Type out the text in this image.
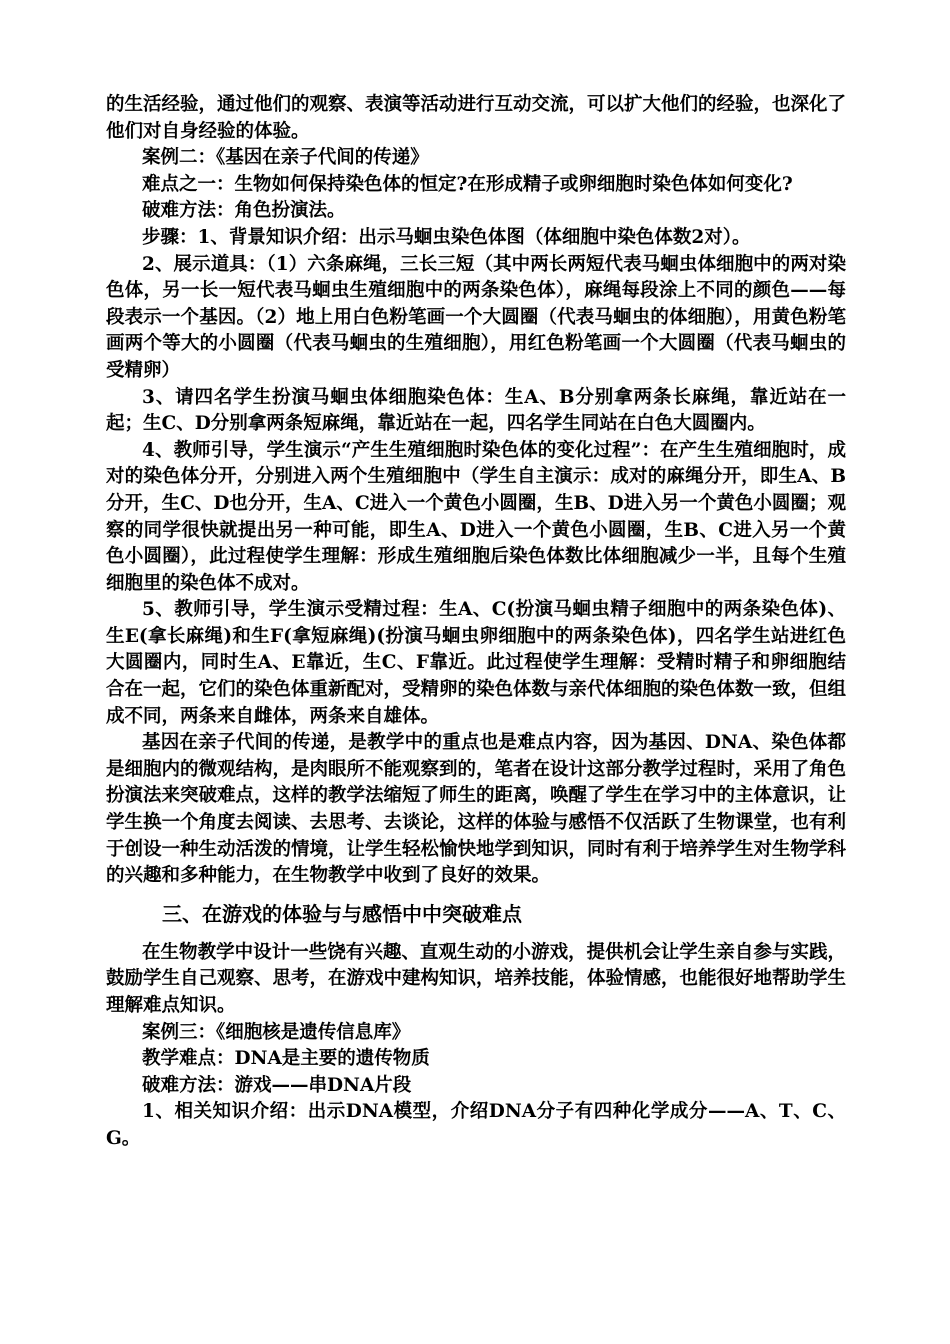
的生活经验，通过他们的观察、表演等活动进行互动交流，可以扩大他们的经验，也深化了他们对自身经验的体验。

案例二：《基因在亲子代间的传递》

难点之一：生物如何保持染色体的恒定?在形成精子或卵细胞时染色体如何变化?

破难方法：角色扮演法。

步骤：1、背景知识介绍：出示马蛔虫染色体图（体细胞中染色体数2对）。

2、展示道具：（1）六条麻绳，三长三短（其中两长两短代表马蛔虫体细胞中的两对染色体，另一长一短代表马蛔虫生殖细胞中的两条染色体），麻绳每段涂上不同的颜色——每段表示一个基因。（2）地上用白色粉笔画一个大圆圈（代表马蛔虫的体细胞），用黄色粉笔画两个等大的小圆圈（代表马蛔虫的生殖细胞），用红色粉笔画一个大圆圈（代表马蛔虫的受精卵）

3、请四名学生扮演马蛔虫体细胞染色体：生A、B分别拿两条长麻绳，靠近站在一起；生C、D分别拿两条短麻绳，靠近站在一起，四名学生同站在白色大圆圈内。

4、教师引导，学生演示“产生生殖细胞时染色体的变化过程”：在产生生殖细胞时，成对的染色体分开，分别进入两个生殖细胞中（学生自主演示：成对的麻绳分开，即生A、B分开，生C、D也分开，生A、C进入一个黄色小圆圈，生B、D进入另一个黄色小圆圈；观察的同学很快就提出另一种可能，即生A、D进入一个黄色小圆圈，生B、C进入另一个黄色小圆圈），此过程使学生理解：形成生殖细胞后染色体数比体细胞减少一半，且每个生殖细胞里的染色体不成对。

5、教师引导，学生演示受精过程：生A、C(扮演马蛔虫精子细胞中的两条染色体)、生E(拿长麻绳)和生F(拿短麻绳)(扮演马蛔虫卵细胞中的两条染色体)，四名学生站进红色大圆圈内，同时生A、E靠近，生C、F靠近。此过程使学生理解：受精时精子和卵细胞结合在一起，它们的染色体重新配对，受精卵的染色体数与亲代体细胞的染色体数一致，但组成不同，两条来自雌体，两条来自雄体。

基因在亲子代间的传递，是教学中的重点也是难点内容，因为基因、DNA、染色体都是细胞内的微观结构，是肉眼所不能观察到的，笔者在设计这部分教学过程时，采用了角色扮演法来突破难点，这样的教学法缩短了师生的距离，唤醒了学生在学习中的主体意识，让学生换一个角度去阅读、去思考、去谈论，这样的体验与感悟不仅活跃了生物课堂，也有利于创设一种生动活泼的情境，让学生轻松愉快地学到知识，同时有利于培养学生对生物学科的兴趣和多种能力，在生物教学中收到了良好的效果。

三、在游戏的体验与与感悟中中突破难点

在生物教学中设计一些饶有兴趣、直观生动的小游戏，提供机会让学生亲自参与实践，鼓励学生自己观察、思考，在游戏中建构知识，培养技能，体验情感，也能很好地帮助学生理解难点知识。

案例三：《细胞核是遗传信息库》

教学难点：DNA是主要的遗传物质

破难方法：游戏——串DNA片段

1、相关知识介绍：出示DNA模型，介绍DNA分子有四种化学成分——A、T、C、G。
